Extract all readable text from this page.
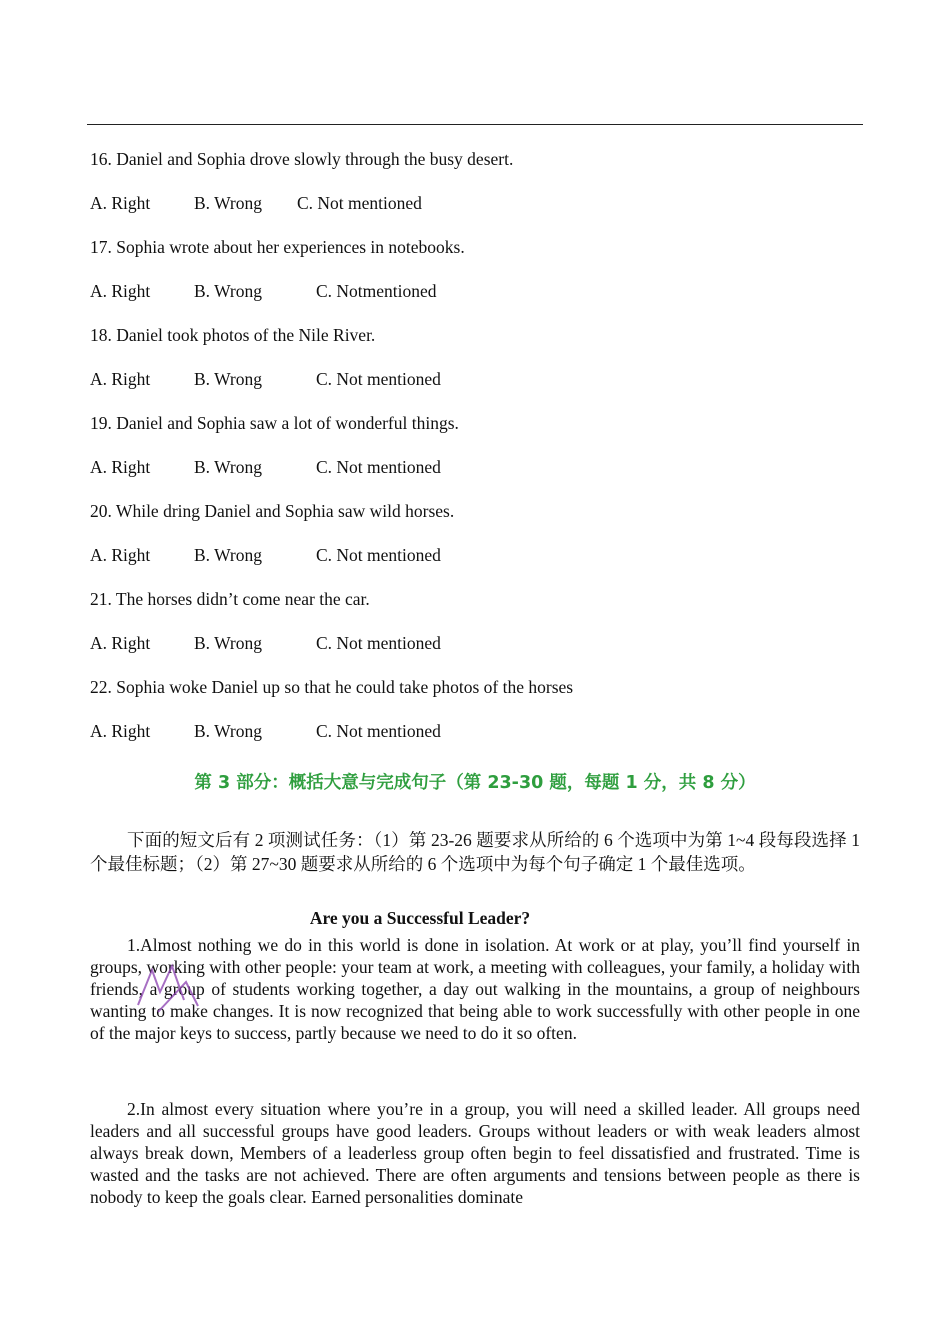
16. Daniel and Sophia drove slowly through the busy desert.
A. Right B. Wrong C. Not mentioned
17. Sophia wrote about her experiences in notebooks.
A. Right B. Wrong	C. Notmentioned
18. Daniel took photos of the Nile River.
A. Right B. Wrong	C. Not mentioned
19. Daniel and Sophia saw a lot of wonderful things.
A. Right B. Wrong	C. Not mentioned
20. While dring Daniel and Sophia saw wild horses.
A. Right B. Wrong	C. Not mentioned
21. The horses didn’t come near the car.
A. Right B. Wrong	C. Not mentioned
22. Sophia woke Daniel up so that he could take photos of the horses
A. Right B. Wrong	C. Not mentioned
第 3 部分：概括大意与完成句子（第 23-30 题，每题 1 分，共 8 分）
下面的短文后有 2 项测试任务：（1）第 23-26 题要求从所给的 6 个选项中为第 1~4 段每段选择 1 个最佳标题；（2）第 27~30 题要求从所给的 6 个选项中为每个句子确定 1 个最佳选项。
Are you a Successful Leader?
1.Almost nothing we do in this world is done in isolation. At work or at play, you’ll find yourself in groups, working with other people: your team at work, a meeting with colleagues, your family, a holiday with friends, a group of students working together, a day out walking in the mountains, a group of neighbours wanting to make changes. It is now recognized that being able to work successfully with other people in one of the major keys to success, partly because we need to do it so often.
2.In almost every situation where you’re in a group, you will need a skilled leader. All groups need leaders and all successful groups have good leaders. Groups without leaders or with weak leaders almost always break down, Members of a leaderless group often begin to feel dissatisfied and frustrated. Time is wasted and the tasks are not achieved. There are often arguments and tensions between people as there is nobody to keep the goals clear. Earned personalities dominate
